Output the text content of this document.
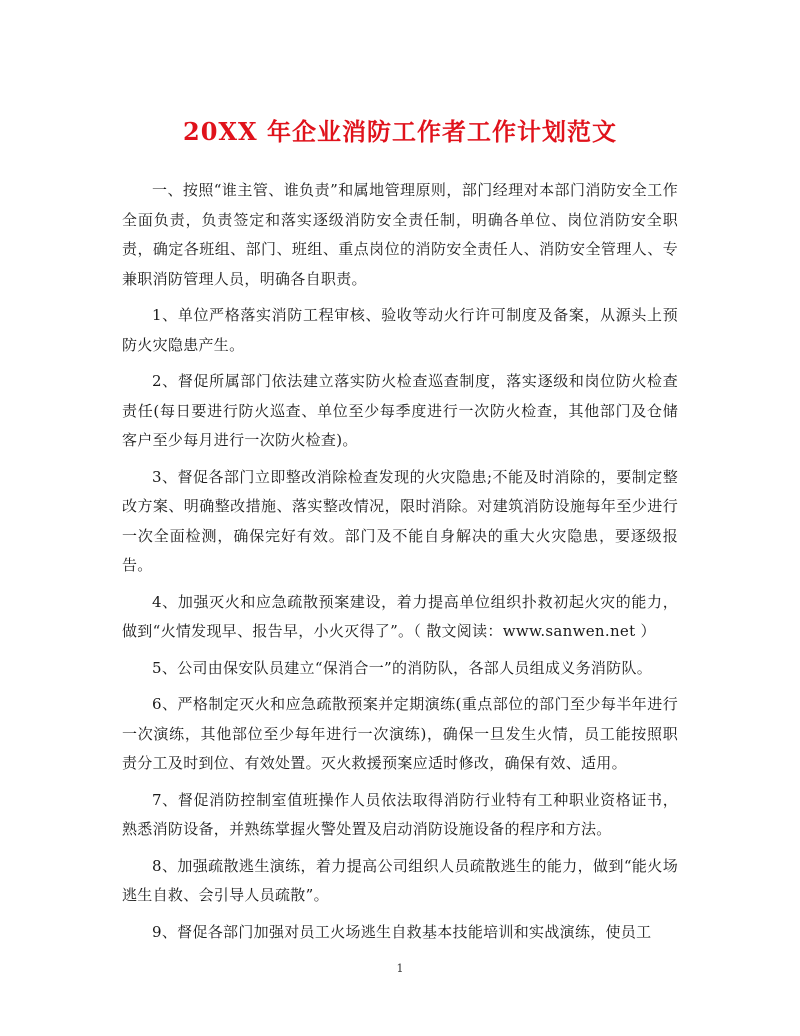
20XX 年企业消防工作者工作计划范文

一、按照“谁主管、谁负责”和属地管理原则，部门经理对本部门消防安全工作全面负责，负责签定和落实逐级消防安全责任制，明确各单位、岗位消防安全职责，确定各班组、部门、班组、重点岗位的消防安全责任人、消防安全管理人、专兼职消防管理人员，明确各自职责。

1、单位严格落实消防工程审核、验收等动火行许可制度及备案，从源头上预防火灾隐患产生。

2、督促所属部门依法建立落实防火检查巡查制度，落实逐级和岗位防火检查责任(每日要进行防火巡查、单位至少每季度进行一次防火检查，其他部门及仓储客户至少每月进行一次防火检查)。

3、督促各部门立即整改消除检查发现的火灾隐患;不能及时消除的，要制定整改方案、明确整改措施、落实整改情况，限时消除。对建筑消防设施每年至少进行一次全面检测，确保完好有效。部门及不能自身解决的重大火灾隐患，要逐级报告。

4、加强灭火和应急疏散预案建设，着力提高单位组织扑救初起火灾的能力，做到“火情发现早、报告早，小火灭得了”。（ 散文阅读：www.sanwen.net ）

5、公司由保安队员建立“保消合一”的消防队，各部人员组成义务消防队。

6、严格制定灭火和应急疏散预案并定期演练(重点部位的部门至少每半年进行一次演练，其他部位至少每年进行一次演练)，确保一旦发生火情，员工能按照职责分工及时到位、有效处置。灭火救援预案应适时修改，确保有效、适用。

7、督促消防控制室值班操作人员依法取得消防行业特有工种职业资格证书，熟悉消防设备，并熟练掌握火警处置及启动消防设施设备的程序和方法。

8、加强疏散逃生演练，着力提高公司组织人员疏散逃生的能力，做到“能火场逃生自救、会引导人员疏散”。

9、督促各部门加强对员工火场逃生自救基本技能培训和实战演练，使员工

1
